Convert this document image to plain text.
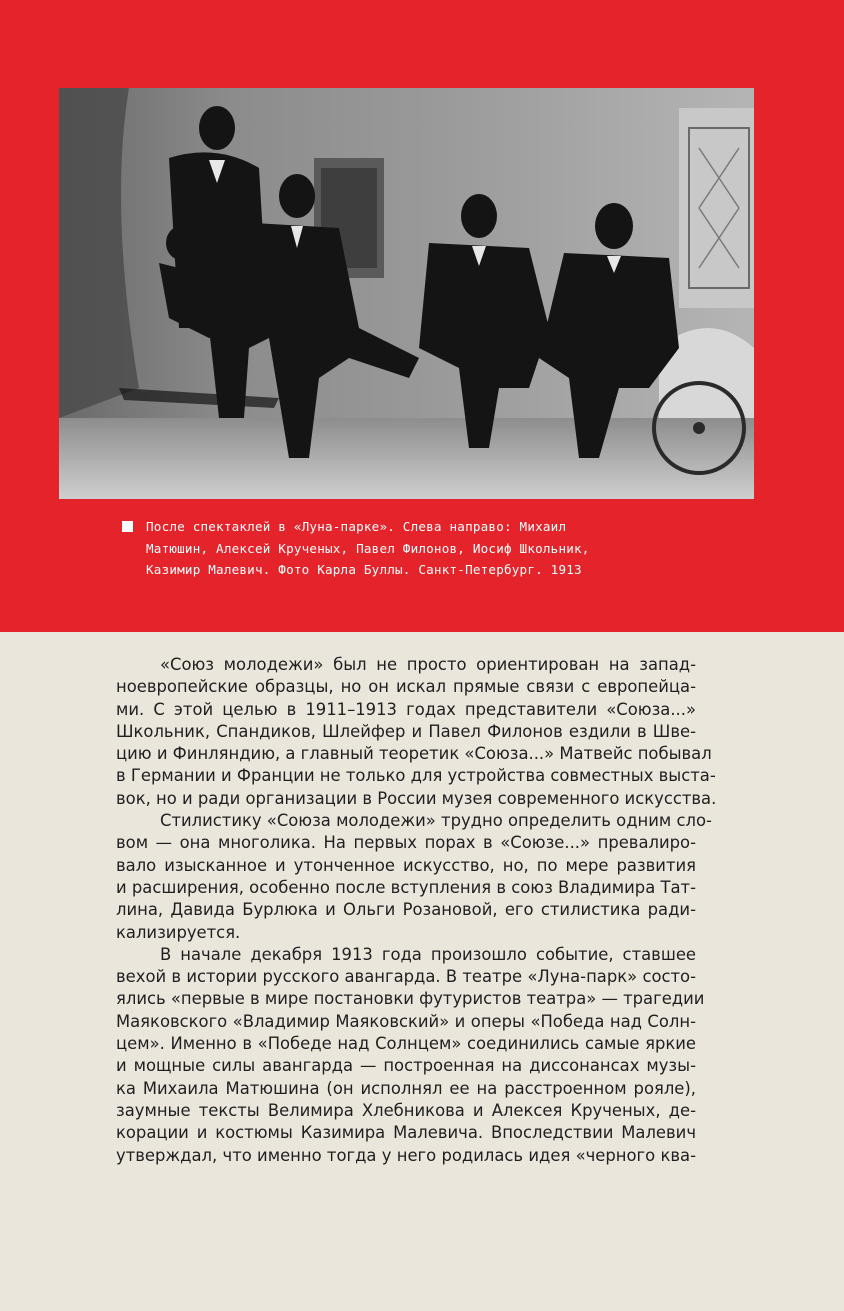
После спектаклей в «Луна-парке». Слева направо: Михаил
Матюшин, Алексей Крученых, Павел Филонов, Иосиф Школьник,
Казимир Малевич. Фото Карла Буллы. Санкт-Петербург. 1913
«Союз молодежи» был не просто ориентирован на запад-
ноевропейские образцы, но он искал прямые связи с европейца-
ми. С этой целью в 1911–1913 годах представители «Союза...»
Школьник, Спандиков, Шлейфер и Павел Филонов ездили в Шве-
цию и Финляндию, а главный теоретик «Союза...» Матвейс побывал
в Германии и Франции не только для устройства совместных выста-
вок, но и ради организации в России музея современного искусства.
Стилистику «Союза молодежи» трудно определить одним сло-
вом — она многолика. На первых порах в «Союзе...» превалиро-
вало изысканное и утонченное искусство, но, по мере развития
и расширения, особенно после вступления в союз Владимира Тат-
лина, Давида Бурлюка и Ольги Розановой, его стилистика ради-
кализируется.
В начале декабря 1913 года произошло событие, ставшее
вехой в истории русского авангарда. В театре «Луна-парк» состо-
ялись «первые в мире постановки футуристов театра» — трагедии
Маяковского «Владимир Маяковский» и оперы «Победа над Солн-
цем». Именно в «Победе над Солнцем» соединились самые яркие
и мощные силы авангарда — построенная на диссонансах музы-
ка Михаила Матюшина (он исполнял ее на расстроенном рояле),
заумные тексты Велимира Хлебникова и Алексея Крученых, де-
корации и костюмы Казимира Малевича. Впоследствии Малевич
утверждал, что именно тогда у него родилась идея «черного ква-
